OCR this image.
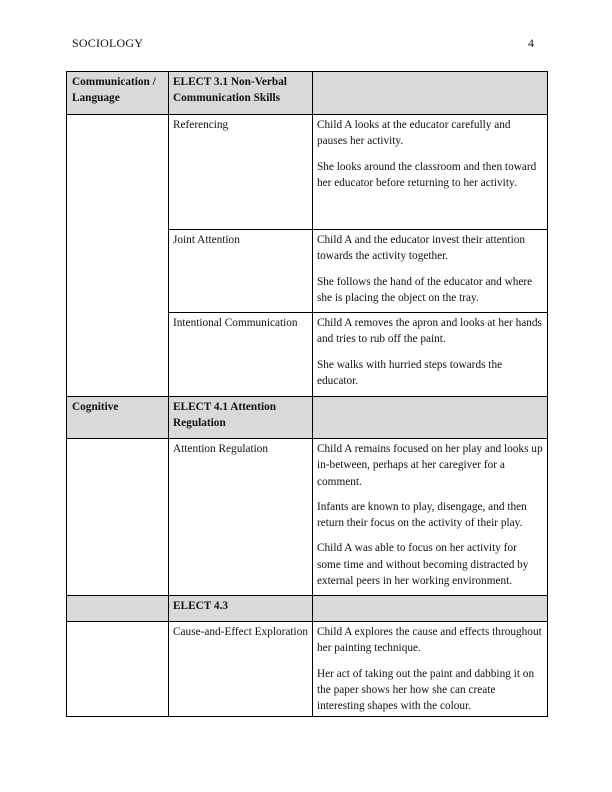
SOCIOLOGY	4
Communication / Language	ELECT 3.1 Non-Verbal Communication Skills	

	Referencing	Child A looks at the educator carefully and pauses her activity.

She looks around the classroom and then toward her educator before returning to her activity.

	Joint Attention	Child A and the educator invest their attention towards the activity together.

She follows the hand of the educator and where she is placing the object on the tray.

	Intentional Communication	Child A removes the apron and looks at her hands and tries to rub off the paint.

She walks with hurried steps towards the educator.

Cognitive	ELECT 4.1 Attention Regulation	

	Attention Regulation	Child A remains focused on her play and looks up in-between, perhaps at her caregiver for a comment.

Infants are known to play, disengage, and then return their focus on the activity of their play.

Child A was able to focus on her activity for some time and without becoming distracted by external peers in her working environment.

	ELECT 4.3	

	Cause-and-Effect Exploration	Child A explores the cause and effects throughout her painting technique.

Her act of taking out the paint and dabbing it on the paper shows her how she can create interesting shapes with the colour.
